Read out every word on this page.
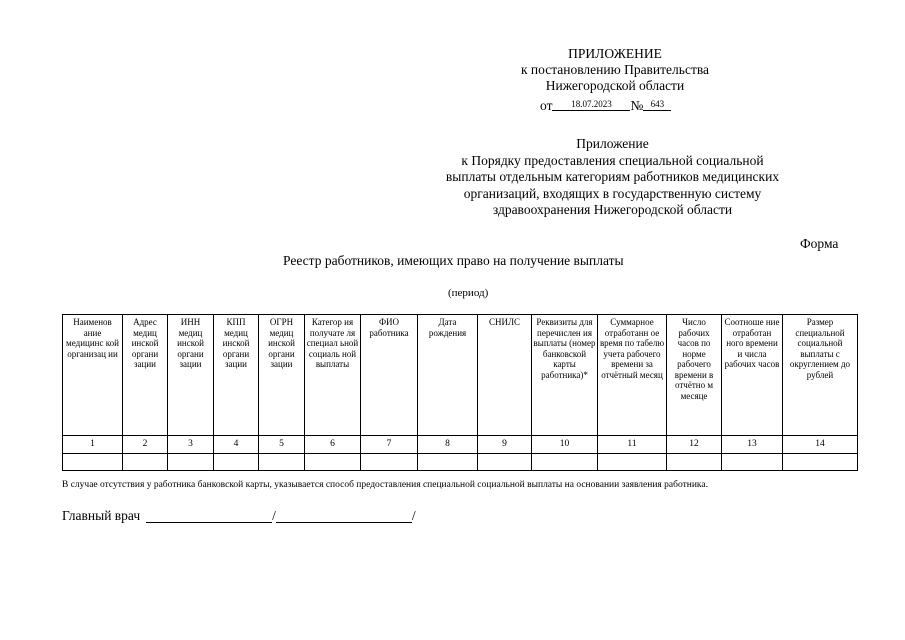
ПРИЛОЖЕНИЕ
к постановлению Правительства
Нижегородской области
от 18.07.2023 № 643
Приложение
к Порядку предоставления специальной социальной
выплаты отдельным категориям работников медицинских
организаций, входящих в государственную систему
здравоохранения Нижегородской области
Форма
Реестр работников, имеющих право на получение выплаты
(период)
Наименов ание медицинс кой организац ии	Адрес медиц инской органи зации	ИНН медиц инской органи зации	КПП медиц инской органи зации	ОГРН медиц инской органи зации	Категор ия получате ля специал ьной социаль ной выплаты	ФИО работника	Дата рождения	СНИЛС	Реквизиты для перечислен ия выплаты (номер банковской карты работника)*	Суммарное отработанн ое время по табелю учета рабочего времени за отчётный месяц	Число рабочих часов по норме рабочего времени в отчётно м месяце	Соотноше ние отработан ного времени и числа рабочих часов	Размер специальной социальной выплаты с округлением до рублей
1	2	3	4	5	6	7	8	9	10	11	12	13	14

В случае отсутствия у работника банковской карты, указывается способ предоставления специальной социальной выплаты на основании заявления работника.
Главный врач	/	/
